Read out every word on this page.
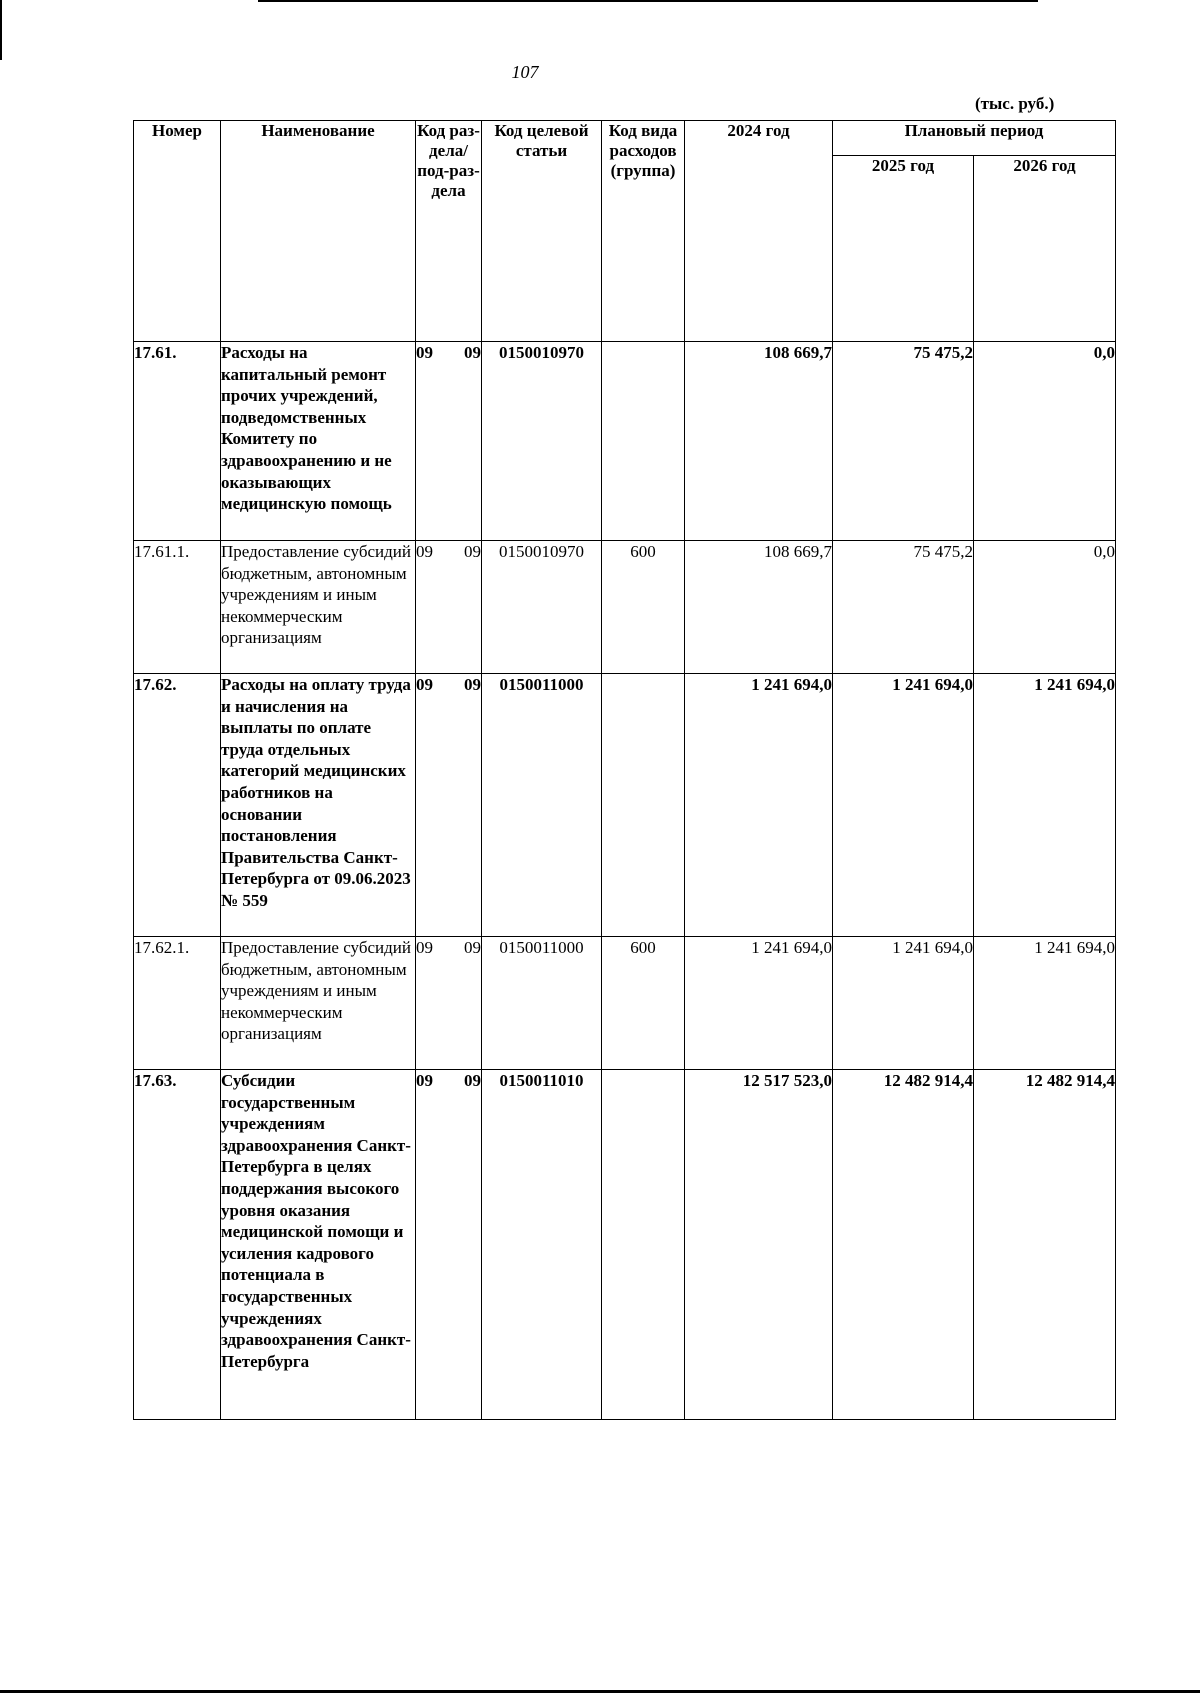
107
(тыс. руб.)
Номер	Наименование	Код раз-дела/ под-раз-дела	Код целевой статьи	Код вида расходов (группа)	2024 год	Плановый период	
						2025 год	2026 год
17.61.	Расходы на капитальный ремонт прочих учреждений, подведомственных Комитету по здравоохранению и не оказывающих медицинскую помощь	09 09	0150010970		108 669,7	75 475,2	0,0
17.61.1.	Предоставление субсидий бюджетным, автономным учреждениям и иным некоммерческим организациям	09 09	0150010970	600	108 669,7	75 475,2	0,0
17.62.	Расходы на оплату труда и начисления на выплаты по оплате труда отдельных категорий медицинских работников на основании постановления Правительства Санкт-Петербурга от 09.06.2023 № 559	09 09	0150011000		1 241 694,0	1 241 694,0	1 241 694,0
17.62.1.	Предоставление субсидий бюджетным, автономным учреждениям и иным некоммерческим организациям	09 09	0150011000	600	1 241 694,0	1 241 694,0	1 241 694,0
17.63.	Субсидии государственным учреждениям здравоохранения Санкт-Петербурга в целях поддержания высокого уровня оказания медицинской помощи и усиления кадрового потенциала в государственных учреждениях здравоохранения Санкт-Петербурга	09 09	0150011010		12 517 523,0	12 482 914,4	12 482 914,4
